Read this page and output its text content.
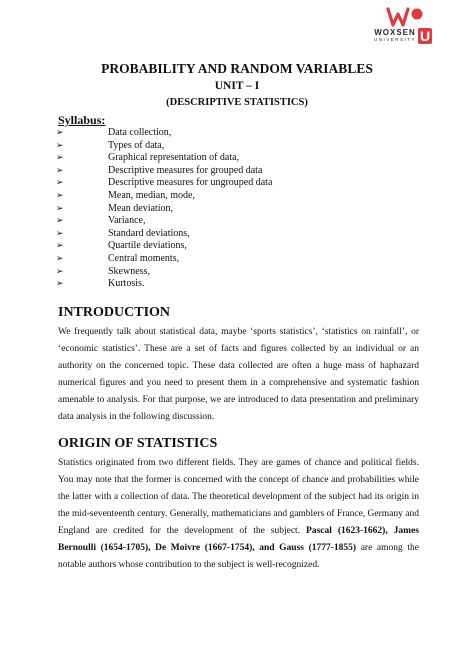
WOXSEN
UNIVERSITY U
PROBABILITY AND RANDOM VARIABLES
UNIT – I
(DESCRIPTIVE STATISTICS)
Syllabus:
➢	Data collection,
➢	Types of data,
➢	Graphical representation of data,
➢	Descriptive measures for grouped data
➢	Descriptive measures for ungrouped data
➢	Mean, median, mode,
➢	Mean deviation,
➢	Variance,
➢	Standard deviations,
➢	Quartile deviations,
➢	Central moments,
➢	Skewness,
➢	Kurtosis.
INTRODUCTION

We frequently talk about statistical data, maybe ‘sports statistics’, ‘statistics on rainfall’, or ‘economic statistics’. These are a set of facts and figures collected by an individual or an authority on the concerned topic. These data collected are often a huge mass of haphazard numerical figures and you need to present them in a comprehensive and systematic fashion amenable to analysis. For that purpose, we are introduced to data presentation and preliminary data analysis in the following discussion.

ORIGIN OF STATISTICS

Statistics originated from two different fields. They are games of chance and political fields. You may note that the former is concerned with the concept of chance and probabilities while the latter with a collection of data. The theoretical development of the subject had its origin in the mid-seventeenth century. Generally, mathematicians and gamblers of France, Germany and England are credited for the development of the subject. Pascal (1623-1662), James Bernoulli (1654-1705), De Moivre (1667-1754), and Gauss (1777-1855) are among the notable authors whose contribution to the subject is well-recognized.
